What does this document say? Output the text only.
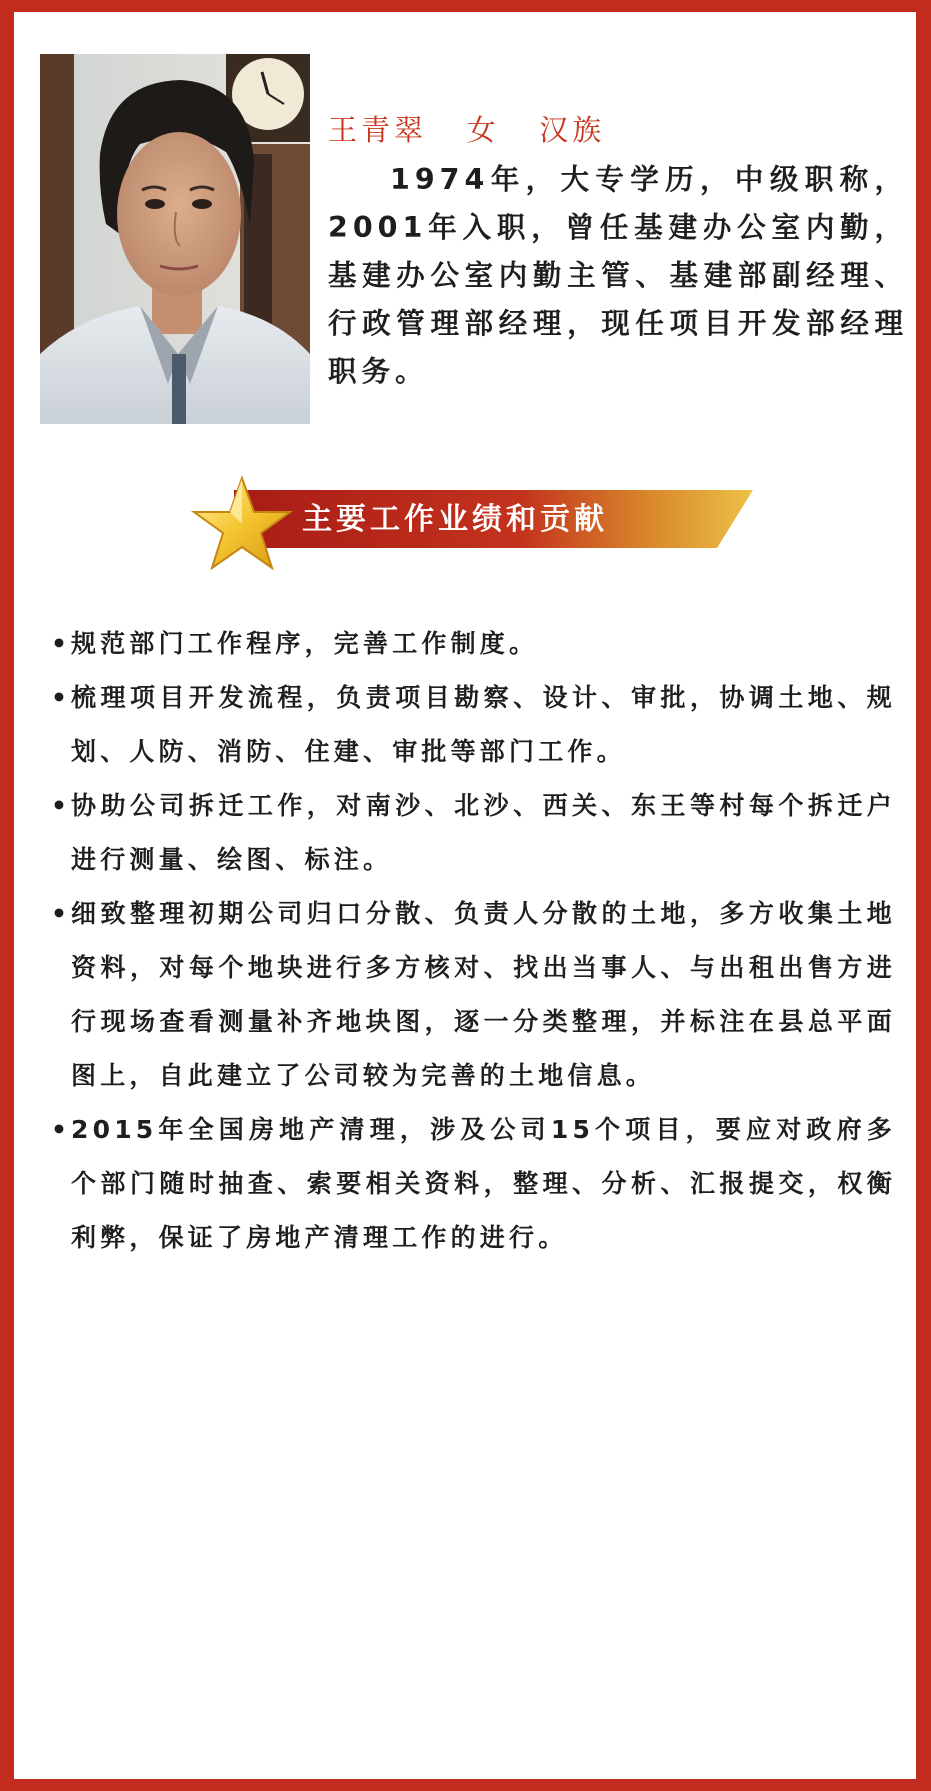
王青翠   女   汉族
1974年，大专学历，中级职称，2001年入职，曾任基建办公室内勤，基建办公室内勤主管、基建部副经理、行政管理部经理，现任项目开发部经理职务。
主要工作业绩和贡献
• 规范部门工作程序，完善工作制度。
• 梳理项目开发流程，负责项目勘察、设计、审批，协调土地、规划、人防、消防、住建、审批等部门工作。
• 协助公司拆迁工作，对南沙、北沙、西关、东王等村每个拆迁户进行测量、绘图、标注。
• 细致整理初期公司归口分散、负责人分散的土地，多方收集土地资料，对每个地块进行多方核对、找出当事人、与出租出售方进行现场查看测量补齐地块图，逐一分类整理，并标注在县总平面图上，自此建立了公司较为完善的土地信息。
• 2015年全国房地产清理，涉及公司15个项目，要应对政府多个部门随时抽查、索要相关资料，整理、分析、汇报提交，权衡利弊，保证了房地产清理工作的进行。
